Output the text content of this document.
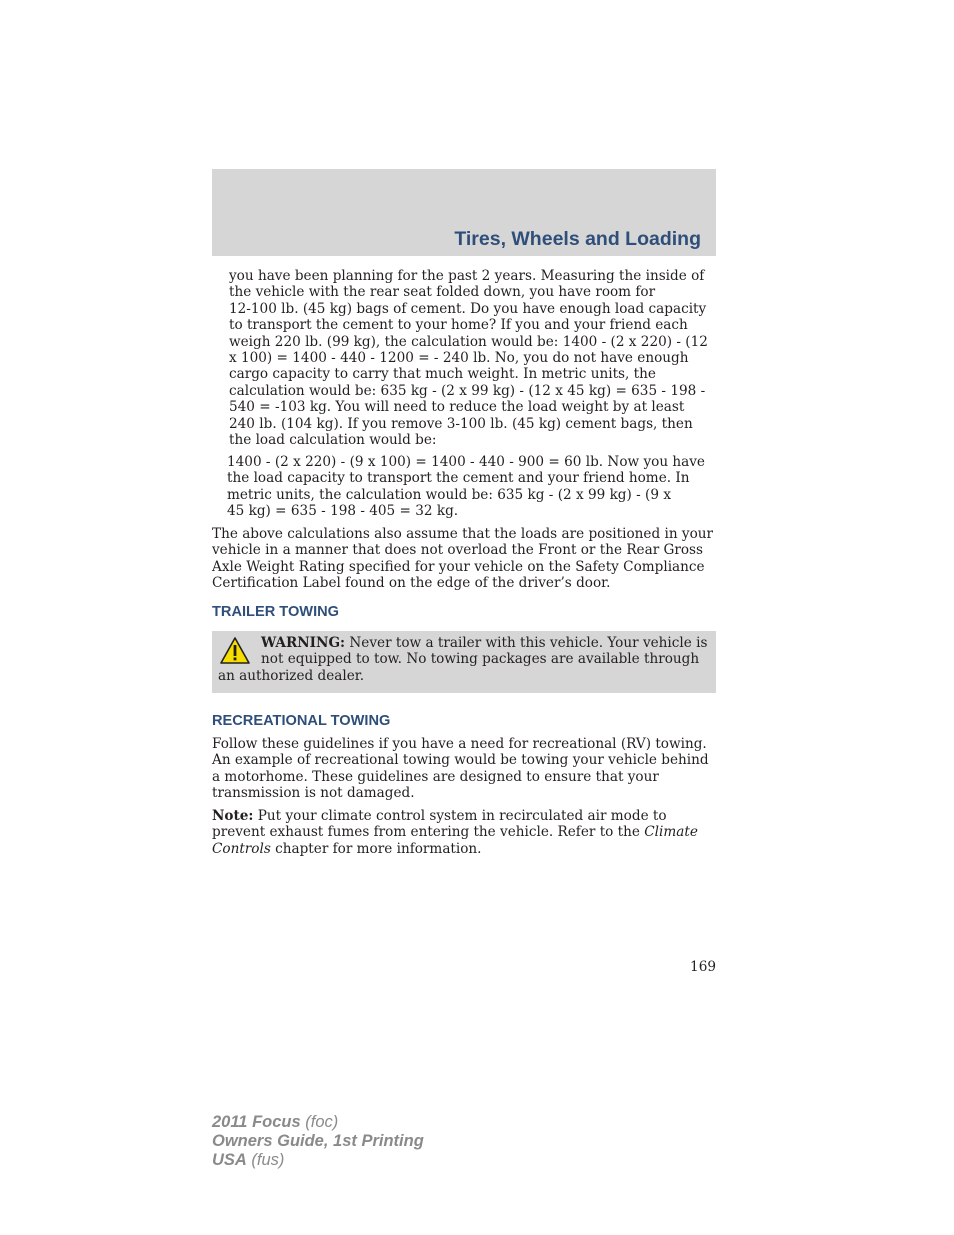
Tires, Wheels and Loading

you have been planning for the past 2 years. Measuring the inside of
the vehicle with the rear seat folded down, you have room for
12-100 lb. (45 kg) bags of cement. Do you have enough load capacity
to transport the cement to your home? If you and your friend each
weigh 220 lb. (99 kg), the calculation would be: 1400 - (2 x 220) - (12
x 100) = 1400 - 440 - 1200 = - 240 lb. No, you do not have enough
cargo capacity to carry that much weight. In metric units, the
calculation would be: 635 kg - (2 x 99 kg) - (12 x 45 kg) = 635 - 198 -
540 = -103 kg. You will need to reduce the load weight by at least
240 lb. (104 kg). If you remove 3-100 lb. (45 kg) cement bags, then
the load calculation would be:

1400 - (2 x 220) - (9 x 100) = 1400 - 440 - 900 = 60 lb. Now you have
the load capacity to transport the cement and your friend home. In
metric units, the calculation would be: 635 kg - (2 x 99 kg) - (9 x
45 kg) = 635 - 198 - 405 = 32 kg.

The above calculations also assume that the loads are positioned in your
vehicle in a manner that does not overload the Front or the Rear Gross
Axle Weight Rating specified for your vehicle on the Safety Compliance
Certification Label found on the edge of the driver’s door.

TRAILER TOWING

WARNING: Never tow a trailer with this vehicle. Your vehicle is
not equipped to tow. No towing packages are available through
an authorized dealer.

RECREATIONAL TOWING

Follow these guidelines if you have a need for recreational (RV) towing.
An example of recreational towing would be towing your vehicle behind
a motorhome. These guidelines are designed to ensure that your
transmission is not damaged.

Note: Put your climate control system in recirculated air mode to
prevent exhaust fumes from entering the vehicle. Refer to the Climate
Controls chapter for more information.

169

2011 Focus (foc)
Owners Guide, 1st Printing
USA (fus)
